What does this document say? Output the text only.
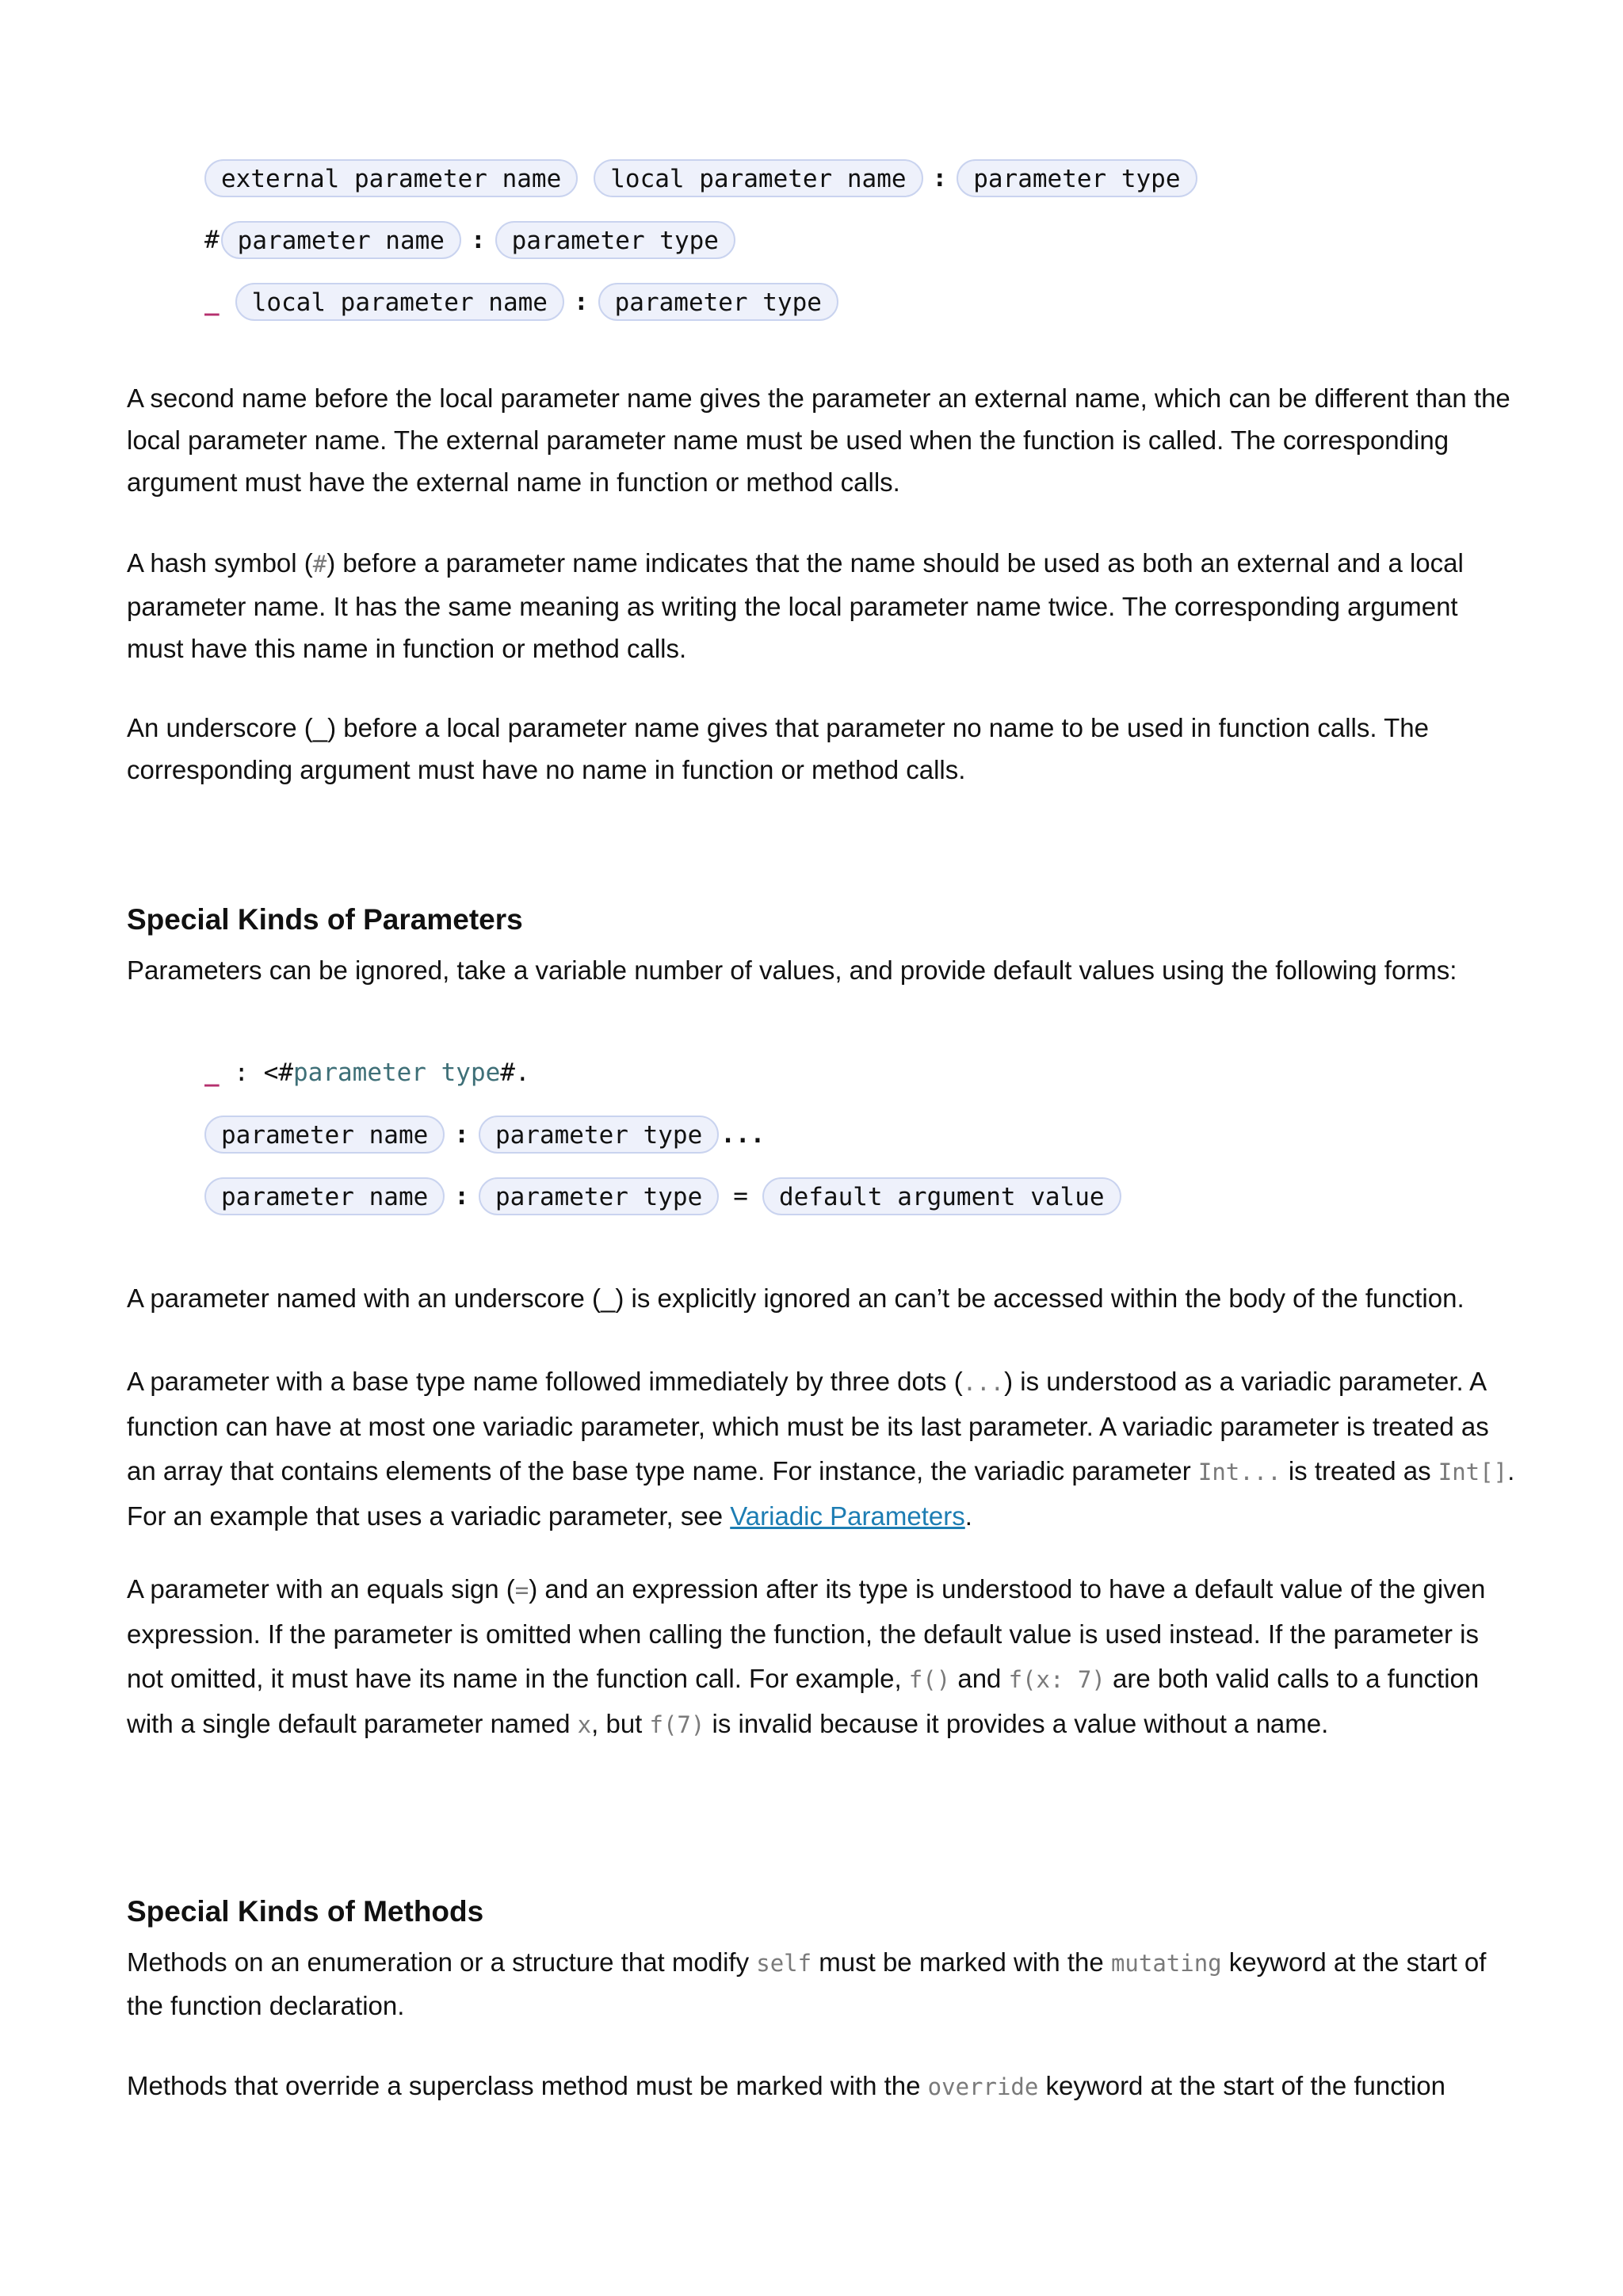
external parameter name	local parameter name	:	parameter type
# parameter name	:	parameter type
_	local parameter name	:	parameter type

A second name before the local parameter name gives the parameter an external name, which can be different than the local parameter name. The external parameter name must be used when the function is called. The corresponding argument must have the external name in function or method calls.

A hash symbol (#) before a parameter name indicates that the name should be used as both an external and a local parameter name. It has the same meaning as writing the local parameter name twice. The corresponding argument must have this name in function or method calls.

An underscore (_) before a local parameter name gives that parameter no name to be used in function calls. The corresponding argument must have no name in function or method calls.

Special Kinds of Parameters

Parameters can be ignored, take a variable number of values, and provide default values using the following forms:

_ : <# parameter type #.
parameter name	:	parameter type ...
parameter name	:	parameter type	=	default argument value

A parameter named with an underscore (_) is explicitly ignored an can’t be accessed within the body of the function.

A parameter with a base type name followed immediately by three dots (...) is understood as a variadic parameter. A function can have at most one variadic parameter, which must be its last parameter. A variadic parameter is treated as an array that contains elements of the base type name. For instance, the variadic parameter Int... is treated as Int[]. For an example that uses a variadic parameter, see Variadic Parameters.

A parameter with an equals sign (=) and an expression after its type is understood to have a default value of the given expression. If the parameter is omitted when calling the function, the default value is used instead. If the parameter is not omitted, it must have its name in the function call. For example, f() and f(x: 7) are both valid calls to a function with a single default parameter named x, but f(7) is invalid because it provides a value without a name.

Special Kinds of Methods

Methods on an enumeration or a structure that modify self must be marked with the mutating keyword at the start of the function declaration.

Methods that override a superclass method must be marked with the override keyword at the start of the function
